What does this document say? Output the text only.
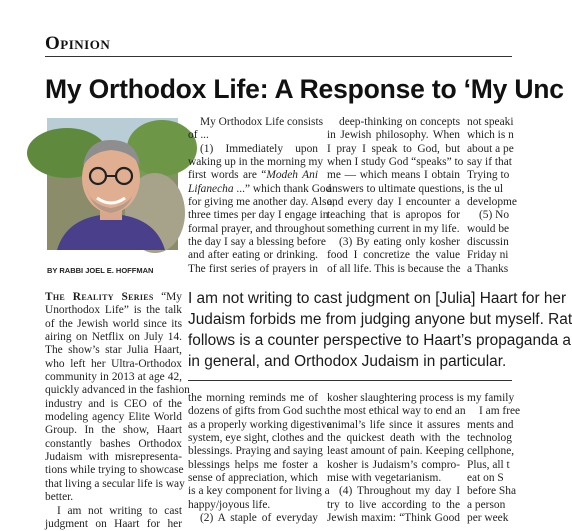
Opinion
My Orthodox Life: A Response to ‘My Unc
BY RABBI JOEL E. HOFFMAN
The Reality Series “My
Unorthodox Life” is the talk
of the Jewish world since its
airing on Netflix on July 14.
The show’s star Julia Haart,
who left her Ultra-Orthodox
community in 2013 at age 42,
quickly advanced in the fashion
industry and is CEO of the
modeling agency Elite World
Group. In the show, Haart
constantly bashes Orthodox
Judaism with misrepresenta-
tions while trying to showcase
that living a secular life is way
better.
I am not writing to cast
judgment on Haart for her
My Orthodox Life consists
of ...
(1) Immediately upon
waking up in the morning my
first words are “Modeh Ani
Lifanecha ...” which thank God
for giving me another day. Also,
three times per day I engage in
formal prayer, and throughout
the day I say a blessing before
and after eating or drinking.
The first series of prayers in
deep-thinking on concepts
in Jewish philosophy. When
I pray I speak to God, but
when I study God “speaks” to
me — which means I obtain
answers to ultimate questions,
and every day I encounter a
teaching that is apropos for
something current in my life.
(3) By eating only kosher
food I concretize the value
of all life. This is because the
not speaki
which is n
about a pe
say if that
Trying to
is the ul
developme
(5) No
would be
discussin
Friday ni
a Thanks
I am not writing to cast judgment on [Julia] Haart for her
Judaism forbids me from judging anyone but myself. Rat
follows is a counter perspective to Haart’s propaganda a
in general, and Orthodox Judaism in particular.
the morning reminds me of
dozens of gifts from God such
as a properly working digestive
system, eye sight, clothes and
blessings. Praying and saying
blessings helps me foster a
sense of appreciation, which
is a key component for living a
happy/joyous life.
(2) A staple of everyday
kosher slaughtering process is
the most ethical way to end an
animal’s life since it assures
the quickest death with the
least amount of pain. Keeping
kosher is Judaism’s compro-
mise with vegetarianism.
(4) Throughout my day I
try to live according to the
Jewish maxim: “Think Good
my family
I am free
ments and
technolog
cellphone,
Plus, all t
eat on S
before Sha
a person
per week
